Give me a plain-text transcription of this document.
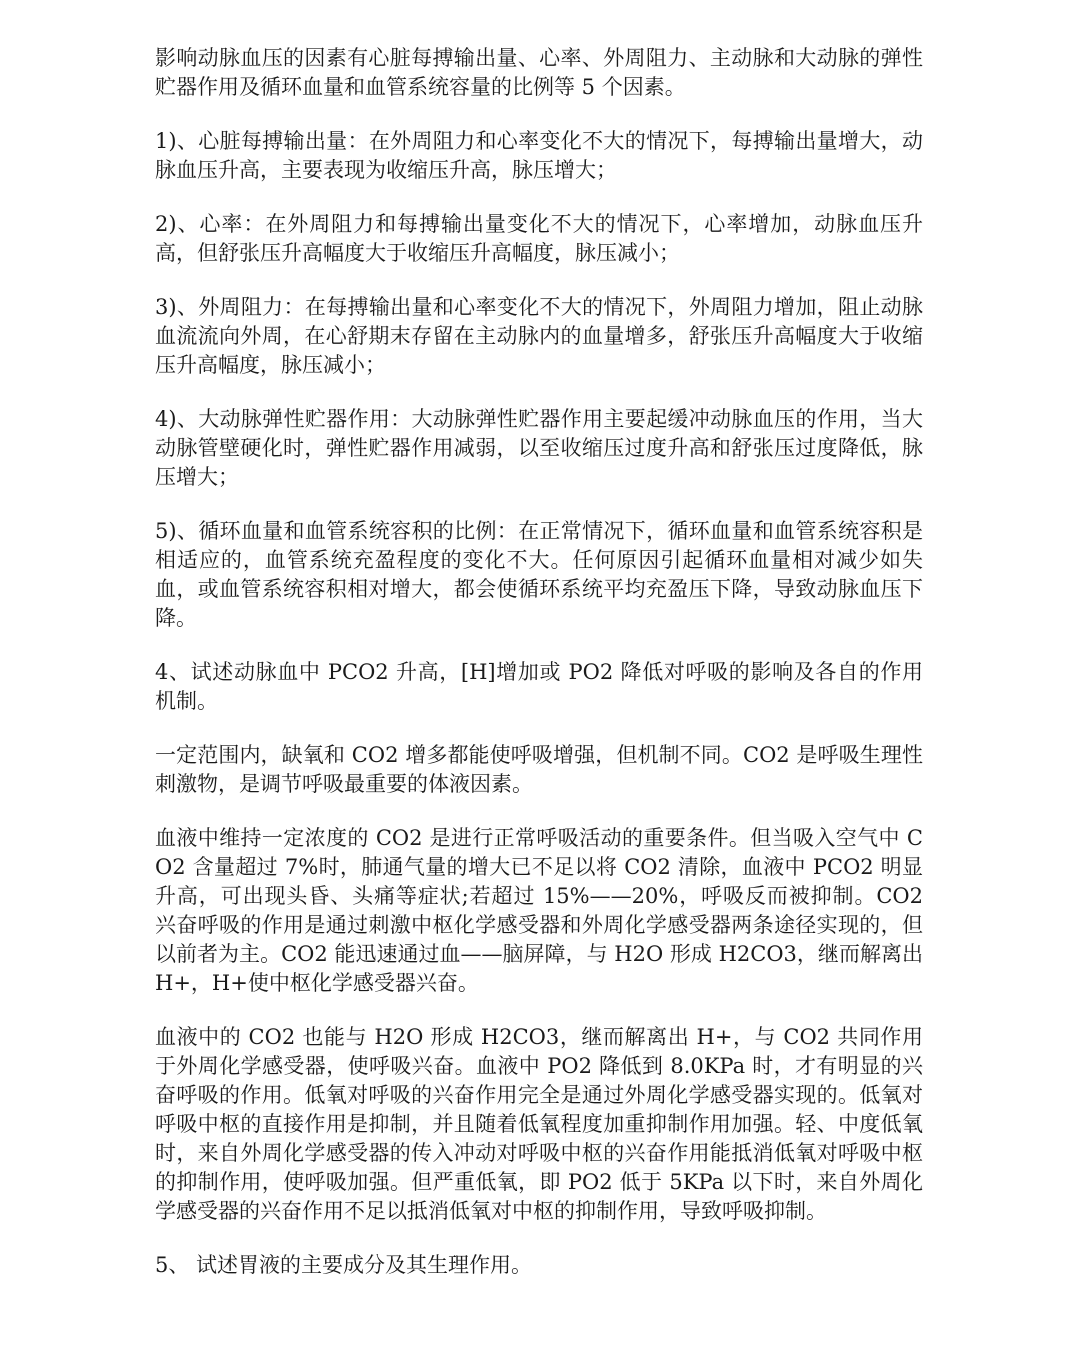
影响动脉血压的因素有心脏每搏输出量、心率、外周阻力、主动脉和大动脉的弹性贮器作用及循环血量和血管系统容量的比例等 5 个因素。

1)、心脏每搏输出量：在外周阻力和心率变化不大的情况下，每搏输出量增大，动脉血压升高，主要表现为收缩压升高，脉压增大；

2)、心率：在外周阻力和每搏输出量变化不大的情况下，心率增加，动脉血压升高，但舒张压升高幅度大于收缩压升高幅度，脉压减小；

3)、外周阻力：在每搏输出量和心率变化不大的情况下，外周阻力增加，阻止动脉血流流向外周，在心舒期末存留在主动脉内的血量增多，舒张压升高幅度大于收缩压升高幅度，脉压减小；

4)、大动脉弹性贮器作用：大动脉弹性贮器作用主要起缓冲动脉血压的作用，当大动脉管壁硬化时，弹性贮器作用减弱，以至收缩压过度升高和舒张压过度降低，脉压增大；

5)、循环血量和血管系统容积的比例：在正常情况下，循环血量和血管系统容积是相适应的，血管系统充盈程度的变化不大。任何原因引起循环血量相对减少如失血，或血管系统容积相对增大，都会使循环系统平均充盈压下降，导致动脉血压下降。

4、试述动脉血中 PCO2 升高，[H]增加或 PO2 降低对呼吸的影响及各自的作用机制。

一定范围内，缺氧和 CO2 增多都能使呼吸增强，但机制不同。CO2 是呼吸生理性刺激物，是调节呼吸最重要的体液因素。

血液中维持一定浓度的 CO2 是进行正常呼吸活动的重要条件。但当吸入空气中 CO2 含量超过 7%时，肺通气量的增大已不足以将 CO2 清除，血液中 PCO2 明显升高，可出现头昏、头痛等症状;若超过 15%——20%，呼吸反而被抑制。CO2 兴奋呼吸的作用是通过刺激中枢化学感受器和外周化学感受器两条途径实现的，但以前者为主。CO2 能迅速通过血——脑屏障，与 H2O 形成 H2CO3，继而解离出 H+，H+使中枢化学感受器兴奋。

血液中的 CO2 也能与 H2O 形成 H2CO3，继而解离出 H+，与 CO2 共同作用于外周化学感受器，使呼吸兴奋。血液中 PO2 降低到 8.0KPa 时，才有明显的兴奋呼吸的作用。低氧对呼吸的兴奋作用完全是通过外周化学感受器实现的。低氧对呼吸中枢的直接作用是抑制，并且随着低氧程度加重抑制作用加强。轻、中度低氧时，来自外周化学感受器的传入冲动对呼吸中枢的兴奋作用能抵消低氧对呼吸中枢的抑制作用，使呼吸加强。但严重低氧，即 PO2 低于 5KPa 以下时，来自外周化学感受器的兴奋作用不足以抵消低氧对中枢的抑制作用，导致呼吸抑制。

5、 试述胃液的主要成分及其生理作用。
